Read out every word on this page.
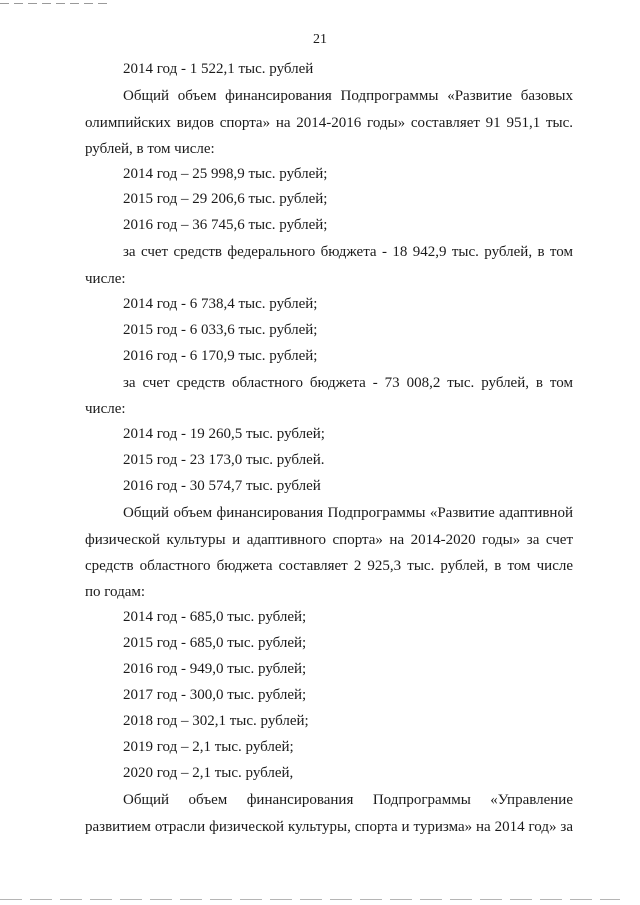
21
2014 год - 1 522,1 тыс. рублей
Общий объем финансирования Подпрограммы «Развитие базовых
олимпийских видов спорта» на 2014-2016 годы» составляет 91 951,1 тыс.
рублей, в том числе:
2014 год – 25 998,9 тыс. рублей;
2015 год – 29 206,6 тыс. рублей;
2016 год – 36 745,6 тыс. рублей;
за счет средств федерального бюджета - 18 942,9 тыс. рублей, в том
числе:
2014 год - 6 738,4 тыс. рублей;
2015 год - 6 033,6 тыс. рублей;
2016 год - 6 170,9 тыс. рублей;
за счет средств областного бюджета - 73 008,2 тыс. рублей, в том
числе:
2014 год - 19 260,5 тыс. рублей;
2015 год - 23 173,0 тыс. рублей.
2016 год - 30 574,7 тыс. рублей
Общий объем финансирования Подпрограммы «Развитие адаптивной
физической культуры и адаптивного спорта» на 2014-2020 годы» за счет
средств областного бюджета составляет 2 925,3 тыс. рублей, в том числе
по годам:
2014 год - 685,0 тыс. рублей;
2015 год - 685,0 тыс. рублей;
2016 год - 949,0 тыс. рублей;
2017 год - 300,0 тыс. рублей;
2018 год – 302,1 тыс. рублей;
2019 год – 2,1 тыс. рублей;
2020 год – 2,1 тыс. рублей,
Общий объем финансирования Подпрограммы «Управление
развитием отрасли физической культуры, спорта и туризма» на 2014 год» за
